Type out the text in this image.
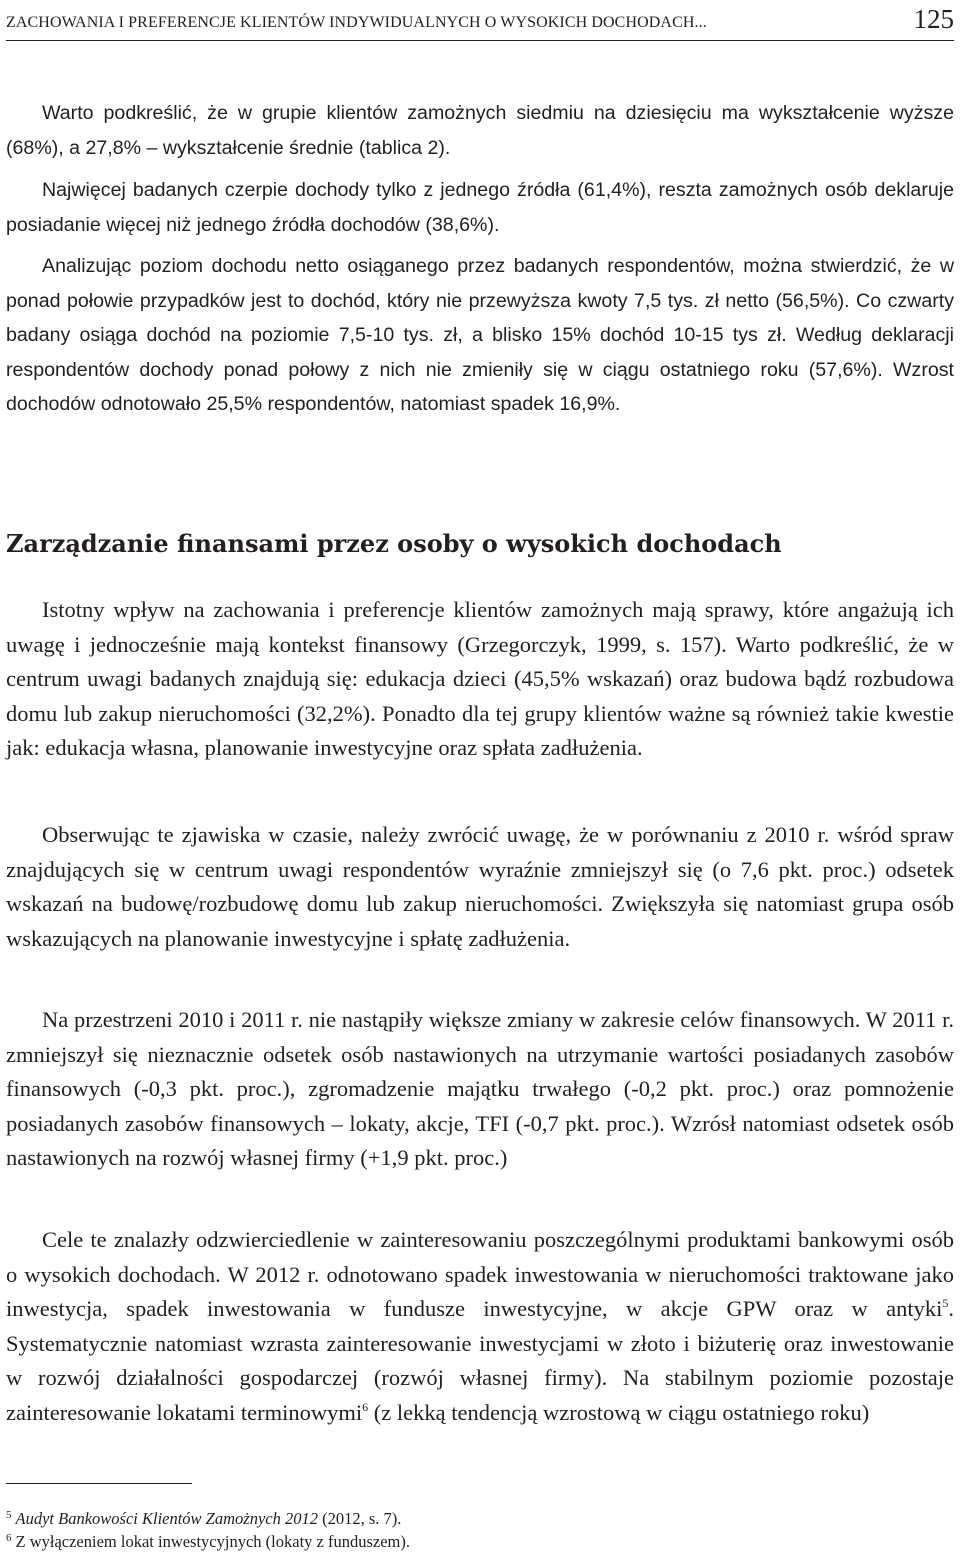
ZACHOWANIA I PREFERENCJE KLIENTÓW INDYWIDUALNYCH O WYSOKICH DOCHODACH...	125

Warto podkreślić, że w grupie klientów zamożnych siedmiu na dziesięciu ma wykształcenie wyższe (68%), a 27,8% – wykształcenie średnie (tablica 2).

Najwięcej badanych czerpie dochody tylko z jednego źródła (61,4%), reszta zamożnych osób deklaruje posiadanie więcej niż jednego źródła dochodów (38,6%).

Analizując poziom dochodu netto osiąganego przez badanych respondentów, można stwierdzić, że w ponad połowie przypadków jest to dochód, który nie przewyższa kwoty 7,5 tys. zł netto (56,5%). Co czwarty badany osiąga dochód na poziomie 7,5-10 tys. zł, a blisko 15% dochód 10-15 tys zł. Według deklaracji respondentów dochody ponad połowy z nich nie zmieniły się w ciągu ostatniego roku (57,6%). Wzrost dochodów odnotowało 25,5% respondentów, natomiast spadek 16,9%.

Zarządzanie finansami przez osoby o wysokich dochodach

Istotny wpływ na zachowania i preferencje klientów zamożnych mają sprawy, które angażują ich uwagę i jednocześnie mają kontekst finansowy (Grzegorczyk, 1999, s. 157). Warto podkreślić, że w centrum uwagi badanych znajdują się: edukacja dzieci (45,5% wskazań) oraz budowa bądź rozbudowa domu lub zakup nieruchomości (32,2%). Ponadto dla tej grupy klientów ważne są również takie kwestie jak: edukacja własna, planowanie inwestycyjne oraz spłata zadłużenia.

Obserwując te zjawiska w czasie, należy zwrócić uwagę, że w porównaniu z 2010 r. wśród spraw znajdujących się w centrum uwagi respondentów wyraźnie zmniejszył się (o 7,6 pkt. proc.) odsetek wskazań na budowę/rozbudowę domu lub zakup nieruchomości. Zwiększyła się natomiast grupa osób wskazujących na planowanie inwestycyjne i spłatę zadłużenia.

Na przestrzeni 2010 i 2011 r. nie nastąpiły większe zmiany w zakresie celów finansowych. W 2011 r. zmniejszył się nieznacznie odsetek osób nastawionych na utrzymanie wartości posiadanych zasobów finansowych (-0,3 pkt. proc.), zgromadzenie majątku trwałego (-0,2 pkt. proc.) oraz pomnożenie posiadanych zasobów finansowych – lokaty, akcje, TFI (-0,7 pkt. proc.). Wzrósł natomiast odsetek osób nastawionych na rozwój własnej firmy (+1,9 pkt. proc.)

Cele te znalazły odzwierciedlenie w zainteresowaniu poszczególnymi produktami bankowymi osób o wysokich dochodach. W 2012 r. odnotowano spadek inwestowania w nieruchomości traktowane jako inwestycja, spadek inwestowania w fundusze inwestycyjne, w akcje GPW oraz w antyki$^5$. Systematycznie natomiast wzrasta zainteresowanie inwestycjami w złoto i biżuterię oraz inwestowanie w rozwój działalności gospodarczej (rozwój własnej firmy). Na stabilnym poziomie pozostaje zainteresowanie lokatami terminowymi$^6$ (z lekką tendencją wzrostową w ciągu ostatniego roku)

$^5$ Audyt Bankowości Klientów Zamożnych 2012 (2012, s. 7).

$^6$ Z wyłączeniem lokat inwestycyjnych (lokaty z funduszem).
